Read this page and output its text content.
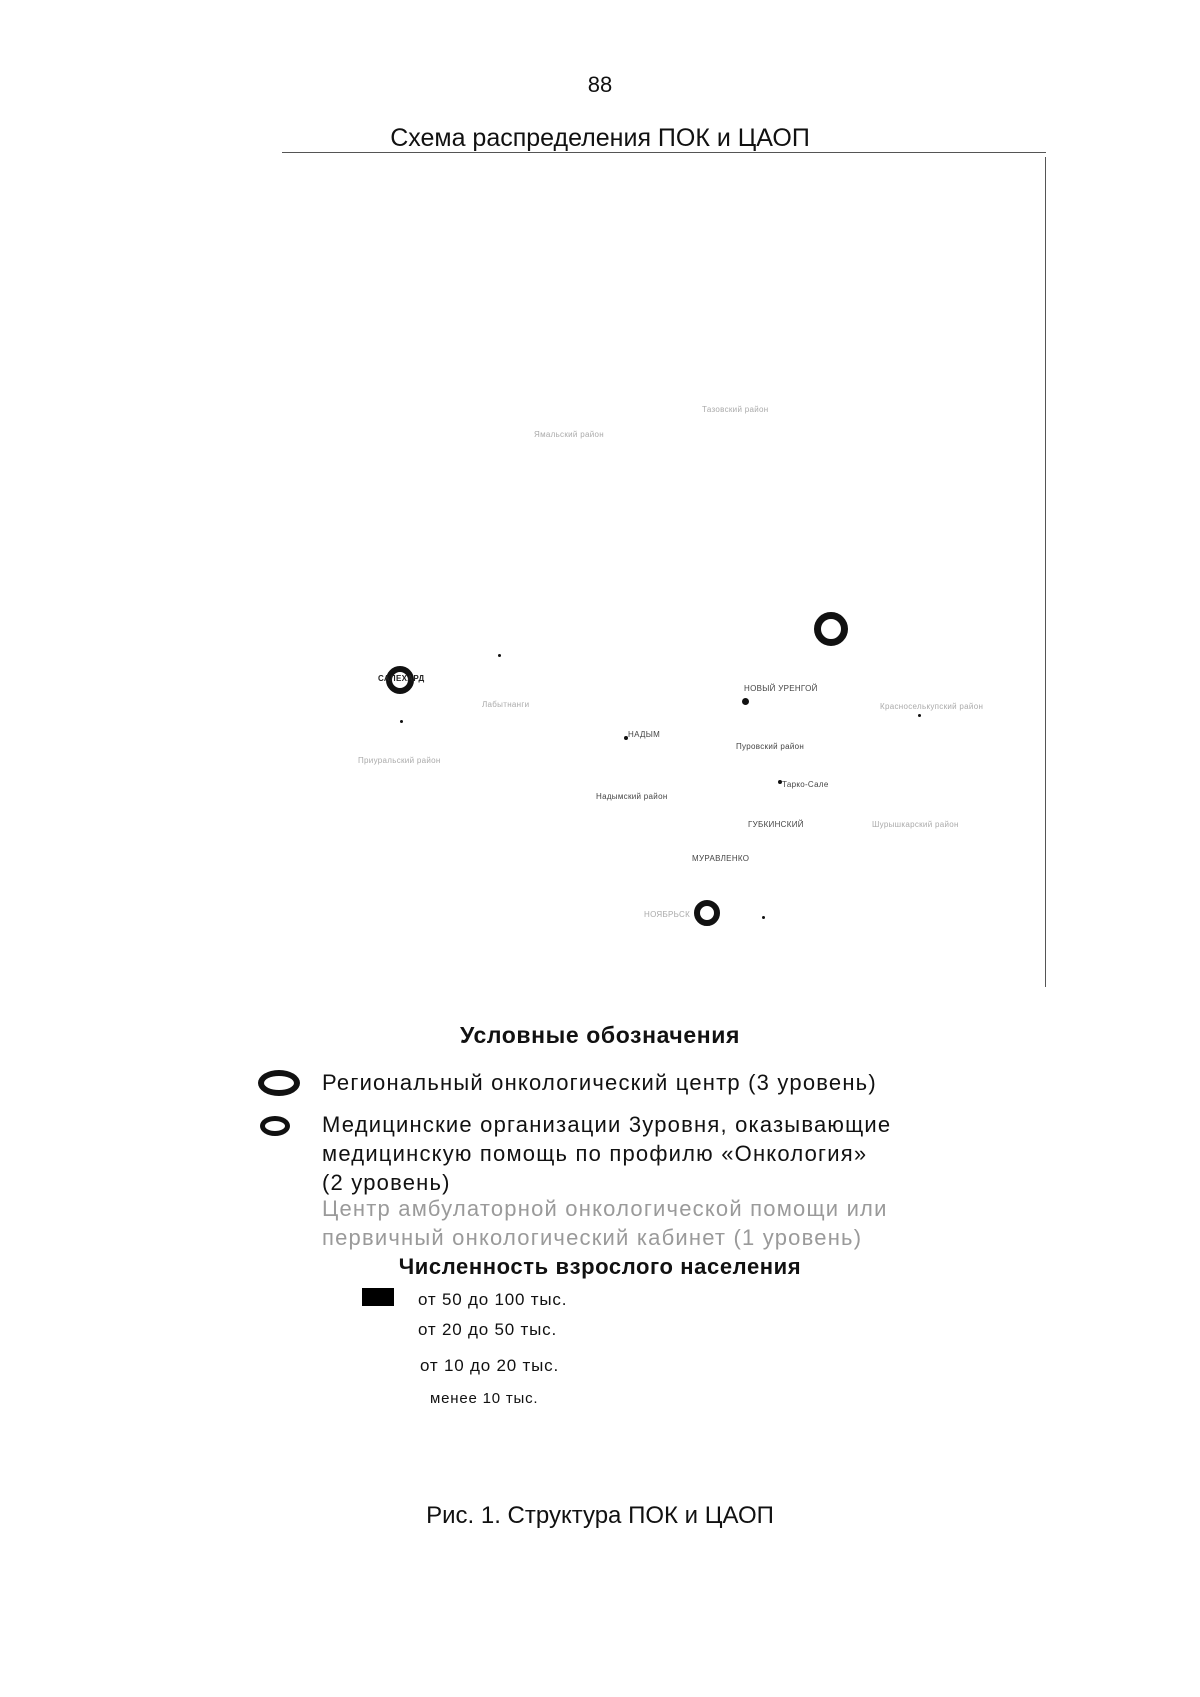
88
Схема распределения ПОК и ЦАОП
Тазовский район
Ямальский район
САЛЕХАРД
НОВЫЙ УРЕНГОЙ
Пуровский район
Надымский район
ГУБКИНСКИЙ
МУРАВЛЕНКО
НОЯБРЬСК
НАДЫМ
Тарко-Сале
Приуральский район
Шурышкарский район
Красноселькупский район
Лабытнанги
Условные обозначения
Региональный онкологический центр (3 уровень)
Медицинские организации 3уровня, оказывающие
медицинскую помощь по профилю «Онкология»
(2 уровень)
Центр амбулаторной онкологической помощи или
первичный онкологический кабинет (1 уровень)
Численность взрослого населения
от 50 до 100 тыс.
от 20 до 50 тыс.
от 10 до 20 тыс.
менее 10 тыс.
Рис. 1. Структура ПОК и ЦАОП
